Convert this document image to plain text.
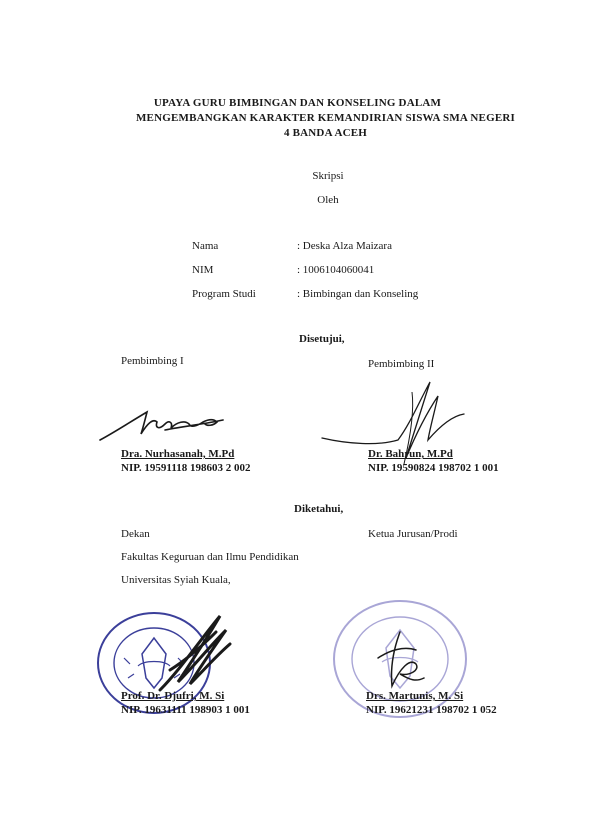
UPAYA GURU BIMBINGAN DAN KONSELING DALAM
MENGEMBANGKAN KARAKTER KEMANDIRIAN SISWA SMA NEGERI
4 BANDA ACEH
Skripsi
Oleh
Nama	: Deska Alza Maizara
NIM	: 1006104060041
Program Studi	: Bimbingan dan Konseling
Disetujui,
Pembimbing I	Pembimbing II
Dra. Nurhasanah, M.Pd
NIP. 19591118 198603 2 002
Dr. Bahrun, M.Pd
NIP. 19590824 198702 1 001
Diketahui,
Dekan
Fakultas Keguruan dan Ilmu Pendidikan
Universitas Syiah Kuala,
Ketua Jurusan/Prodi
Prof. Dr. Djufri, M. Si
NIP. 19631111 198903 1 001
Drs. Martunis, M. Si
NIP. 19621231 198702 1 052
